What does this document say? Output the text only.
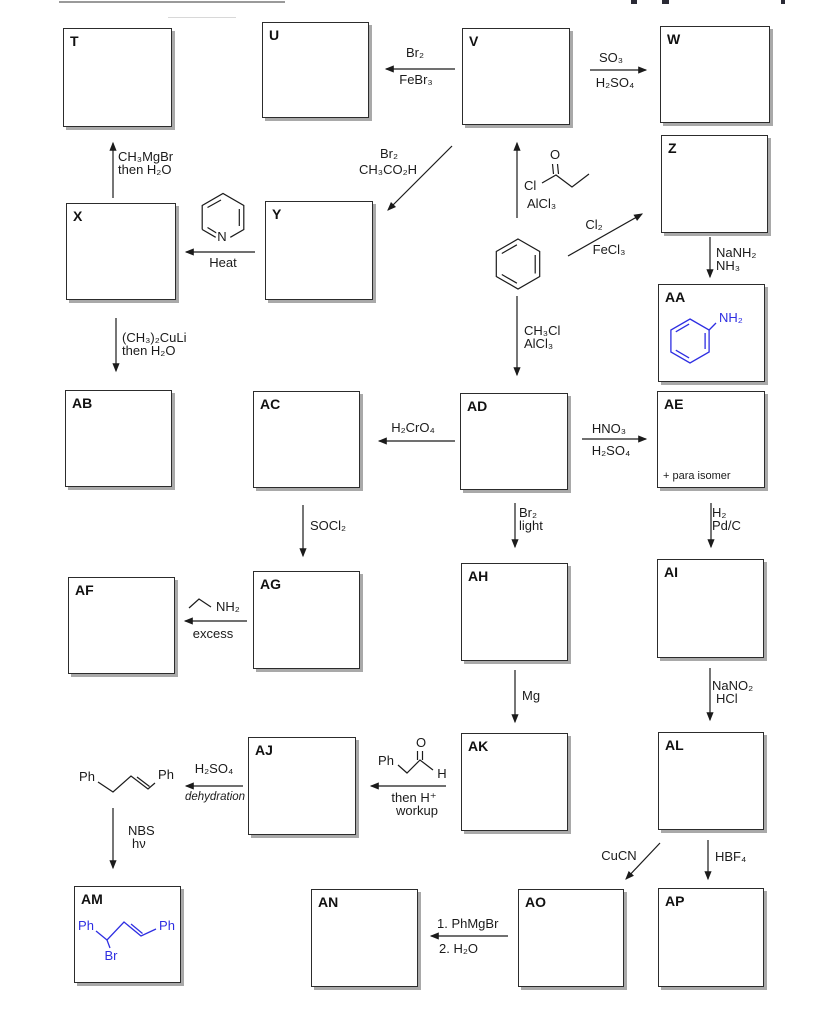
T	U	V	W
Z
AA
X	Y
AB	AC	AD	AE
AF	AG	AH	AI
AJ	AK	AL
AM	AN	AO	AP
Br₂
FeBr₃
SO₃
H₂SO₄
CH₃MgBr
then H₂O
Heat
Br₂
CH₃CO₂H
Cl
O
AlCl₃
Cl₂
FeCl₃	NaNH₂
NH₃
CH₃Cl
AlCl₃
(CH₃)₂CuLi
then H₂O
H₂CrO₄	HNO₃
H₂SO₄
SOCl₂
Br₂
light
H₂
Pd/C
NH₂
excess
Mg
NaNO₂
HCl
H₂SO₄
dehydration
Ph
O
H
then H⁺
workup
NBS
hν
CuCN	HBF₄
1. PhMgBr
2. H₂O
+ para isomer
N
NH₂
Ph	Ph
Ph	Ph
Br
